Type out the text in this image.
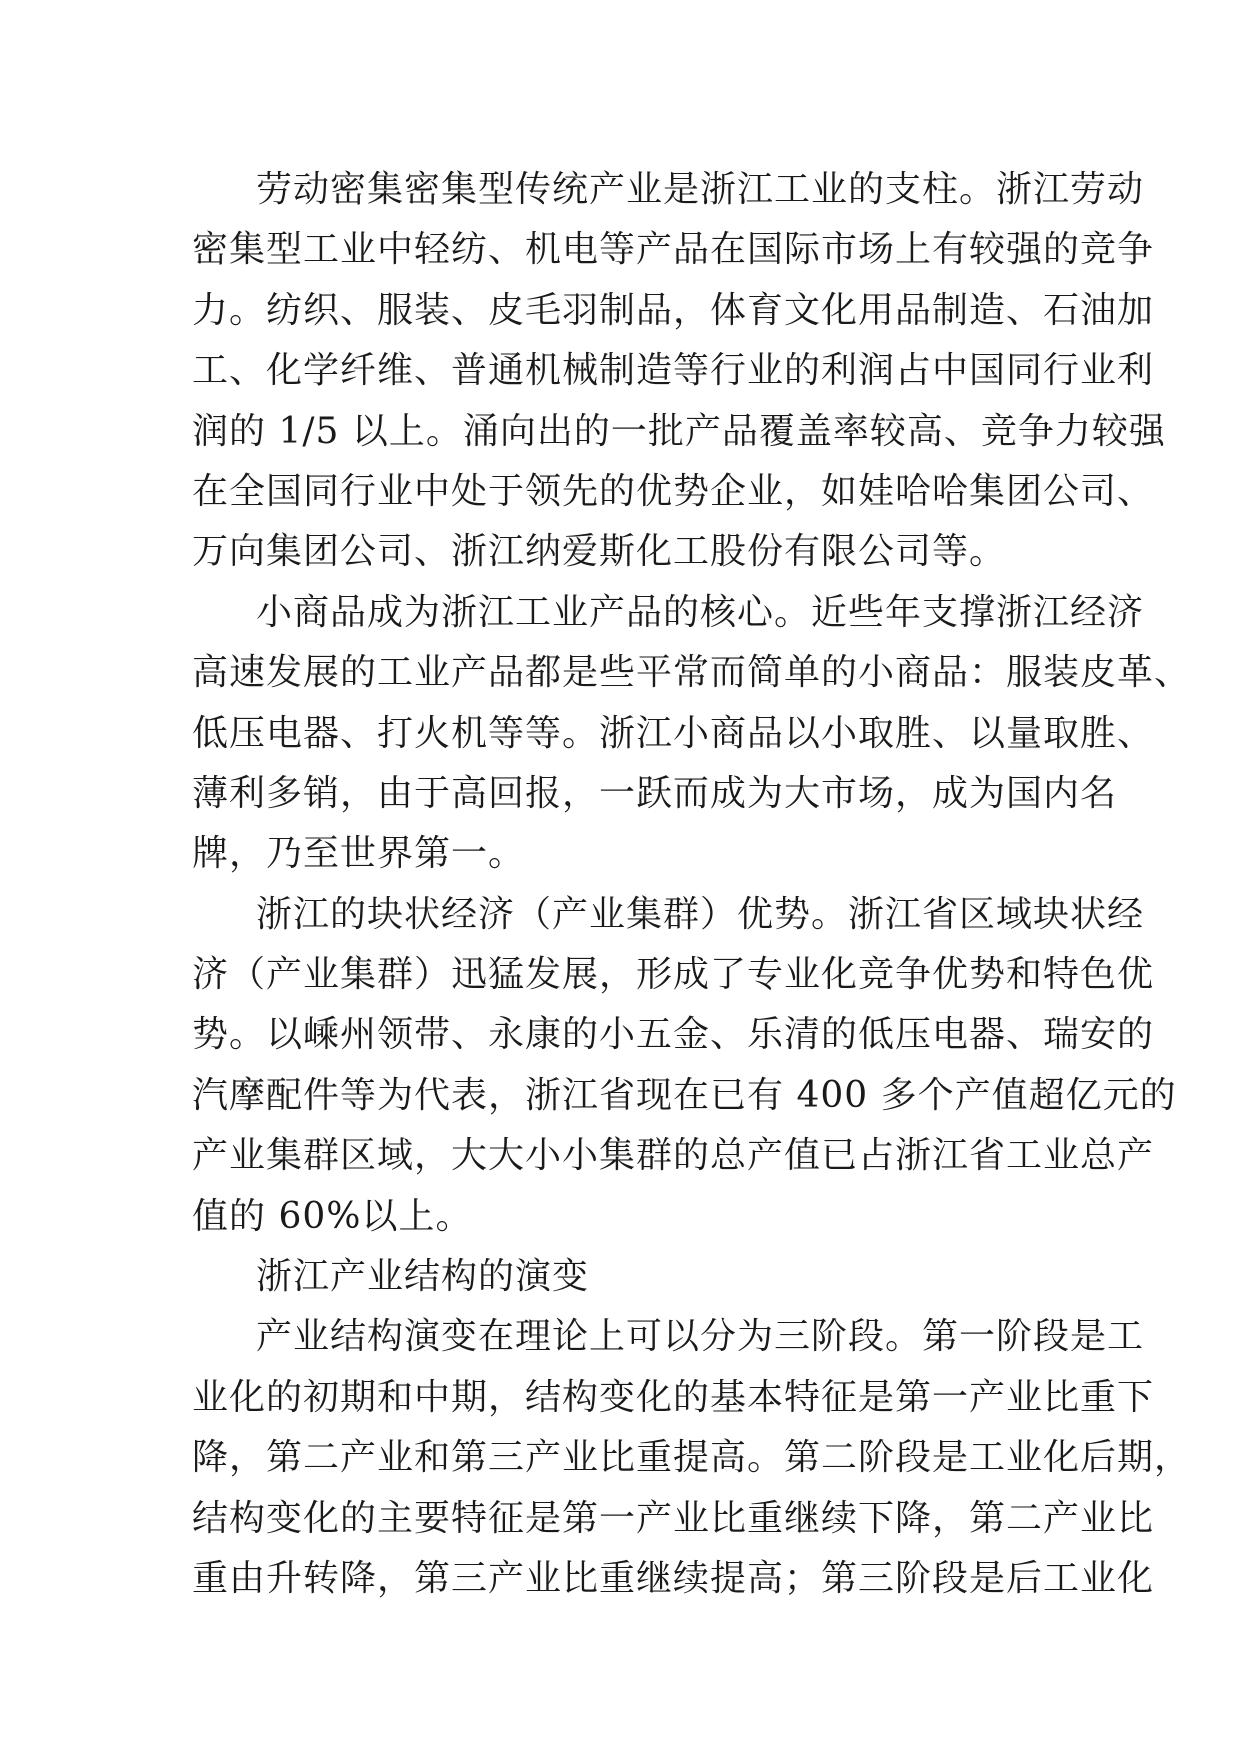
劳动密集密集型传统产业是浙江工业的支柱。浙江劳动
密集型工业中轻纺、机电等产品在国际市场上有较强的竞争
力。纺织、服装、皮毛羽制品，体育文化用品制造、石油加
工、化学纤维、普通机械制造等行业的利润占中国同行业利
润的 1/5 以上。涌向出的一批产品覆盖率较高、竞争力较强
在全国同行业中处于领先的优势企业，如娃哈哈集团公司、
万向集团公司、浙江纳爱斯化工股份有限公司等。
小商品成为浙江工业产品的核心。近些年支撑浙江经济
高速发展的工业产品都是些平常而简单的小商品：服装皮革、
低压电器、打火机等等。浙江小商品以小取胜、以量取胜、
薄利多销，由于高回报，一跃而成为大市场，成为国内名
牌，乃至世界第一。
浙江的块状经济（产业集群）优势。浙江省区域块状经
济（产业集群）迅猛发展，形成了专业化竞争优势和特色优
势。以嵊州领带、永康的小五金、乐清的低压电器、瑞安的
汽摩配件等为代表，浙江省现在已有 400 多个产值超亿元的
产业集群区域，大大小小集群的总产值已占浙江省工业总产
值的 60%以上。
浙江产业结构的演变
产业结构演变在理论上可以分为三阶段。第一阶段是工
业化的初期和中期，结构变化的基本特征是第一产业比重下
降，第二产业和第三产业比重提高。第二阶段是工业化后期，
结构变化的主要特征是第一产业比重继续下降，第二产业比
重由升转降，第三产业比重继续提高；第三阶段是后工业化
